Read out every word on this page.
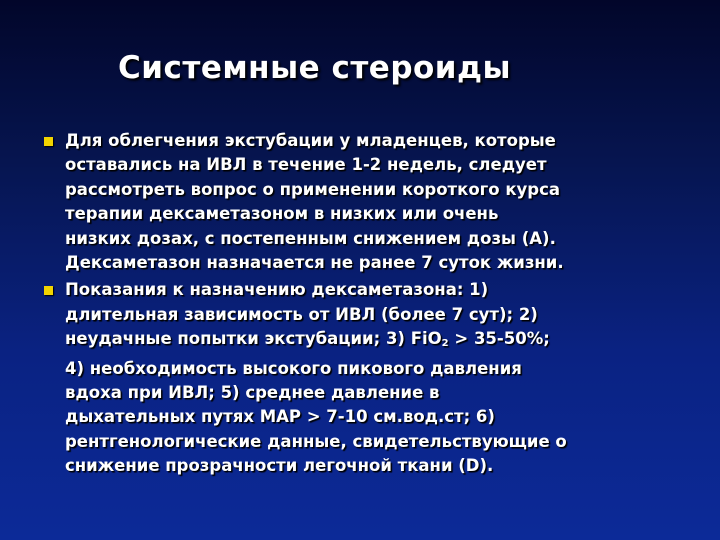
Системные стероиды
Для облегчения экстубации у младенцев, которые
оставались на ИВЛ в течение 1-2 недель, следует
рассмотреть вопрос о применении короткого курса
терапии дексаметазоном в низких или очень
низких дозах, с постепенным снижением дозы (A).
Дексаметазон назначается не ранее 7 суток жизни.
Показания к назначению дексаметазона: 1)
длительная зависимость от ИВЛ (более 7 сут); 2)
неудачные попытки экстубации; 3) FiO$_2$ > 35-50%;
4) необходимость высокого пикового давления
вдоха при ИВЛ; 5) среднее давление в
дыхательных путях MAP > 7-10 см.вод.ст; 6)
рентгенологические данные, свидетельствующие о
снижение прозрачности легочной ткани (D).
